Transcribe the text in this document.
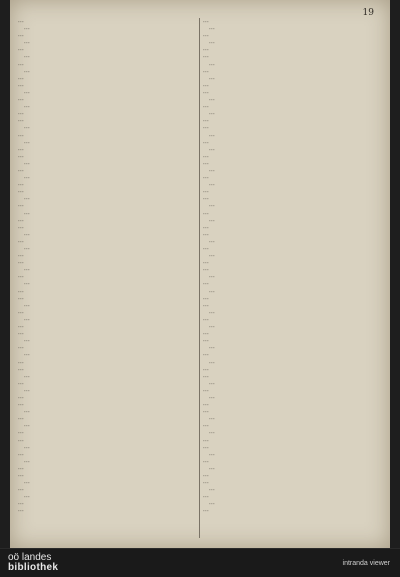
19
···
···
···
···
···
···
···
···
···
···
···
···
···
···
···
···
···
···
···
···
···
···
···
···
···
···
···
···
···
···
···
···
···
···
···
···
···
···
···
···
···
···
···
···
···
···
···
···
···
···
···
···
···
···
···
···
···
···
···
···
···
···
···
···
···
···
···
···
···
···
···
···
···
···
···
···
···
···
···
···
···
···
···
···
···
···
···
···
···
···
···
···
···
···
···
···
···
···
···
···
···
···
···
···
···
···
···
···
···
···
···
···
···
···
···
···
···
···
···
···
···
···
···
···
···
···
···
···
···
···
···
···
···
···
···
···
···
···
···
···
oö landes
bibliothek	intranda viewer
